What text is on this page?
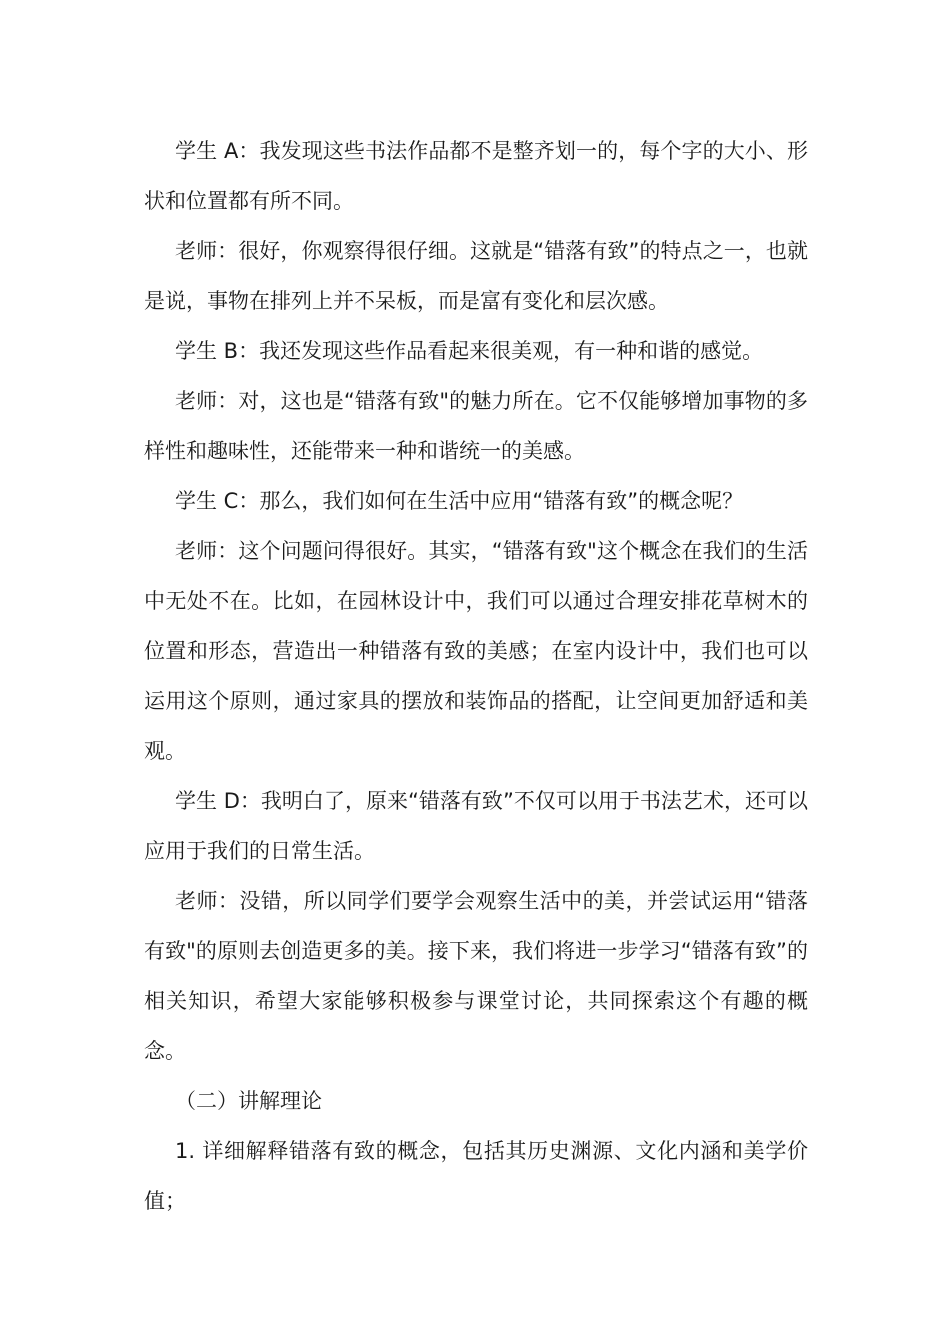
学生 A：我发现这些书法作品都不是整齐划一的，每个字的大小、形状和位置都有所不同。

老师：很好，你观察得很仔细。这就是“错落有致”的特点之一，也就是说，事物在排列上并不呆板，而是富有变化和层次感。

学生 B：我还发现这些作品看起来很美观，有一种和谐的感觉。

老师：对，这也是“错落有致"的魅力所在。它不仅能够增加事物的多样性和趣味性，还能带来一种和谐统一的美感。

学生 C：那么，我们如何在生活中应用“错落有致”的概念呢？

老师：这个问题问得很好。其实，“错落有致"这个概念在我们的生活中无处不在。比如，在园林设计中，我们可以通过合理安排花草树木的位置和形态，营造出一种错落有致的美感；在室内设计中，我们也可以运用这个原则，通过家具的摆放和装饰品的搭配，让空间更加舒适和美观。

学生 D：我明白了，原来“错落有致”不仅可以用于书法艺术，还可以应用于我们的日常生活。

老师：没错，所以同学们要学会观察生活中的美，并尝试运用“错落有致"的原则去创造更多的美。接下来，我们将进一步学习“错落有致”的相关知识，希望大家能够积极参与课堂讨论，共同探索这个有趣的概念。

（二）讲解理论

1. 详细解释错落有致的概念，包括其历史渊源、文化内涵和美学价值；
